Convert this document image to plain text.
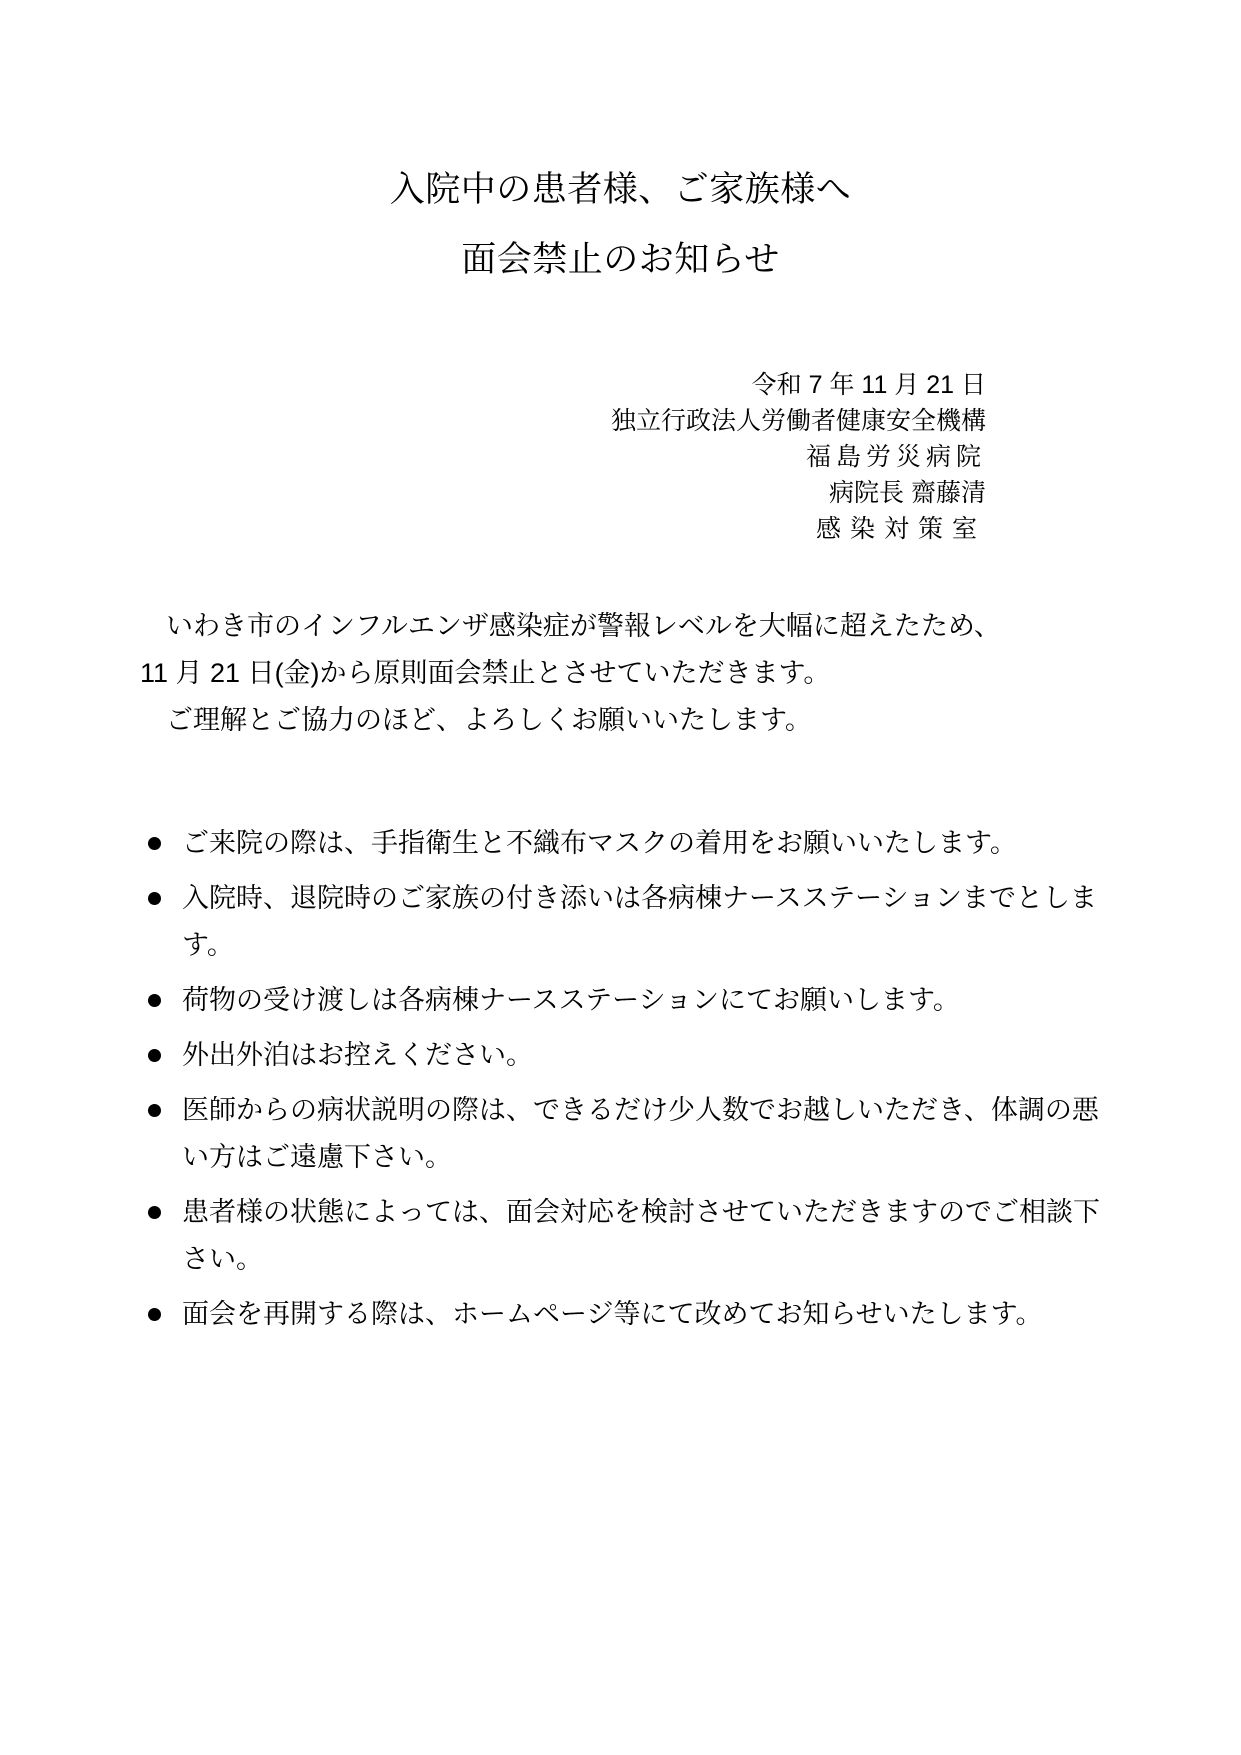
入院中の患者様、ご家族様へ
面会禁止のお知らせ
令和 7 年 11 月 21 日
独立行政法人労働者健康安全機構
福島労災病院
病院長 齋藤清
感染対策室
いわき市のインフルエンザ感染症が警報レベルを大幅に超えたため、
11 月 21 日(金)から原則面会禁止とさせていただきます。
ご理解とご協力のほど、よろしくお願いいたします。
ご来院の際は、手指衛生と不織布マスクの着用をお願いいたします。
入院時、退院時のご家族の付き添いは各病棟ナースステーションまでとします。
荷物の受け渡しは各病棟ナースステーションにてお願いします。
外出外泊はお控えください。
医師からの病状説明の際は、できるだけ少人数でお越しいただき、体調の悪い方はご遠慮下さい。
患者様の状態によっては、面会対応を検討させていただきますのでご相談下さい。
面会を再開する際は、ホームページ等にて改めてお知らせいたします。
